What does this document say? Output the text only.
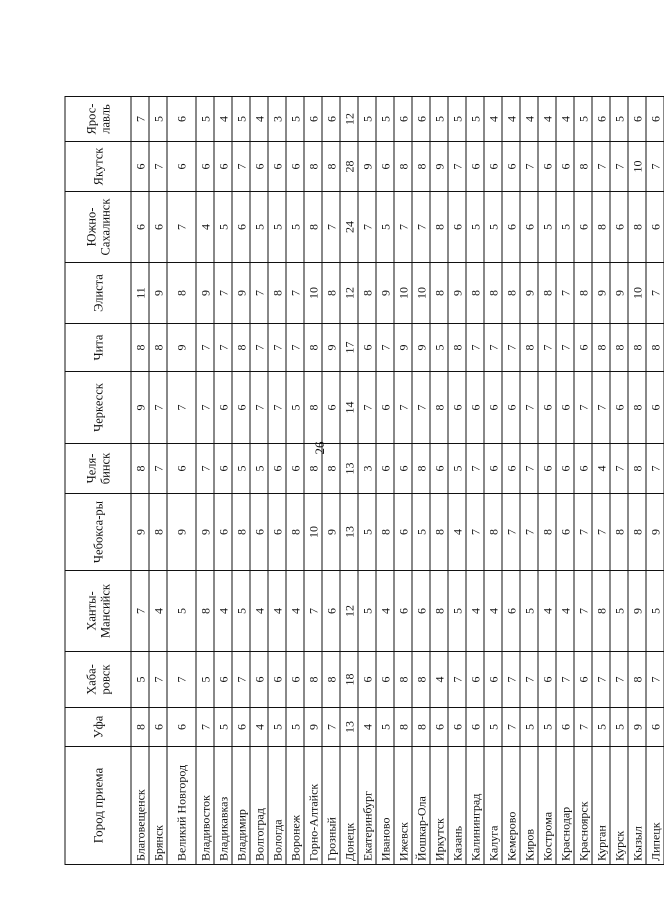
26
Город приема	Уфа	Хаба-ровск	Ханты-Мансийск	Чебокса-ры	Челя-бинск	Черкесск	Чита	Элиста	Южно-Сахалинск	Якутск	Ярос-лавль
Благовещенск	8	5	7	9	8	9	8	11	6	6	7
Брянск	6	7	4	8	7	7	8	9	6	7	5
Великий Новгород	6	7	5	9	6	7	9	8	7	6	6
Владивосток	7	5	8	9	7	7	7	9	4	6	5
Владикавказ	5	6	4	6	6	6	7	7	5	6	4
Владимир	6	7	5	8	5	6	8	9	6	7	5
Волгоград	4	6	4	6	5	7	7	7	5	6	4
Вологда	5	6	4	6	6	7	7	8	5	6	3
Воронеж	5	6	4	8	6	5	7	7	5	6	5
Горно-Алтайск	9	8	7	10	8	8	8	10	8	8	6
Грозный	7	8	6	9	8	6	9	8	7	8	6
Донецк	13	18	12	13	13	14	17	12	24	28	12
Екатеринбург	4	6	5	5	3	7	6	8	7	9	5
Иваново	5	6	4	8	6	6	7	9	5	6	5
Ижевск	8	8	6	6	6	7	9	10	7	8	6
Йошкар-Ола	8	8	6	5	8	7	9	10	7	8	6
Иркутск	6	4	8	8	6	8	5	8	8	9	5
Казань	6	7	5	4	5	6	8	9	6	7	5
Калининград	6	6	4	7	7	6	7	8	5	6	5
Калуга	5	6	4	8	6	6	7	8	5	6	4
Кемерово	7	7	6	7	6	6	7	8	6	6	4
Киров	5	7	5	7	7	7	8	9	6	7	4
Кострома	5	6	4	8	6	6	7	8	5	6	4
Краснодар	6	7	4	6	6	6	7	7	5	6	4
Красноярск	7	6	7	7	6	7	6	8	6	8	5
Курган	5	7	8	7	4	7	8	9	8	7	6
Курск	5	7	5	8	7	6	8	9	6	7	5
Кызыл	9	8	9	8	8	8	8	10	8	10	6
Липецк	6	7	5	9	7	6	8	7	6	7	6
